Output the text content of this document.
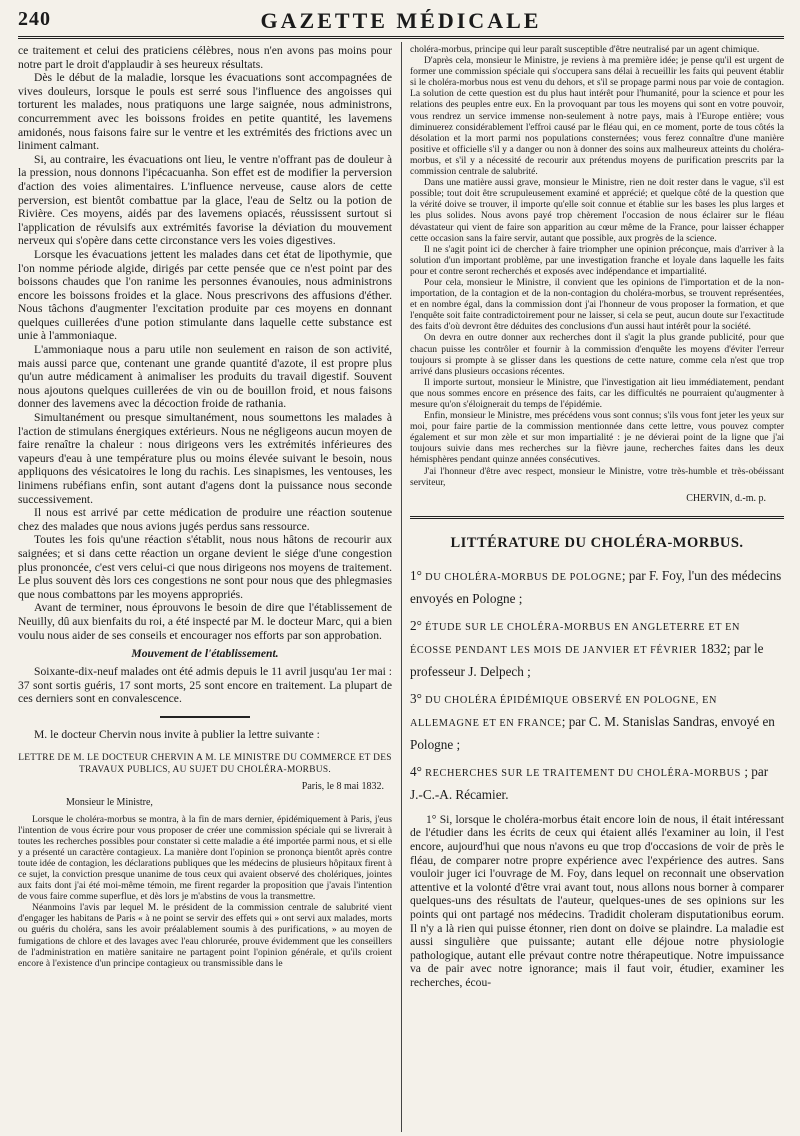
240	GAZETTE MÉDICALE

ce traitement et celui des praticiens célèbres, nous n'en avons pas moins pour notre part le droit d'applaudir à ses heureux résultats.

Dès le début de la maladie, lorsque les évacuations sont accompagnées de vives douleurs, lorsque le pouls est serré sous l'influence des angoisses qui torturent les malades, nous pratiquons une large saignée, nous administrons, concurremment avec les boissons froides en petite quantité, les lavemens amidonés, nous faisons faire sur le ventre et les extrémités des frictions avec un liniment calmant.

Si, au contraire, les évacuations ont lieu, le ventre n'offrant pas de douleur à la pression, nous donnons l'ipécacuanha. Son effet est de modifier la perversion d'action des voies alimentaires. L'influence nerveuse, cause alors de cette perversion, est bientôt combattue par la glace, l'eau de Seltz ou la potion de Rivière. Ces moyens, aidés par des lavemens opiacés, réussissent surtout si l'application de révulsifs aux extrémités favorise la déviation du mouvement nerveux qui s'opère dans cette circonstance vers les voies digestives.

Lorsque les évacuations jettent les malades dans cet état de lipothymie, que l'on nomme période algide, dirigés par cette pensée que ce n'est point par des boissons chaudes que l'on ranime les personnes évanouies, nous administrons encore les boissons froides et la glace. Nous prescrivons des affusions d'éther. Nous tâchons d'augmenter l'excitation produite par ces moyens en donnant quelques cuillerées d'une potion stimulante dans laquelle cette substance est unie à l'ammoniaque.

L'ammoniaque nous a paru utile non seulement en raison de son activité, mais aussi parce que, contenant une grande quantité d'azote, il est propre plus qu'un autre médicament à animaliser les produits du travail digestif. Souvent nous ajoutons quelques cuillerées de vin ou de bouillon froid, et nous faisons donner des lavemens avec la décoction froide de rathania.

Simultanément ou presque simultanément, nous soumettons les malades à l'action de stimulans énergiques extérieurs. Nous ne négligeons aucun moyen de faire renaître la chaleur : nous dirigeons vers les extrémités inférieures des vapeurs d'eau à une température plus ou moins élevée suivant le besoin, nous appliquons des vésicatoires le long du rachis. Les sinapismes, les ventouses, les linimens rubéfians enfin, sont autant d'agens dont la puissance nous seconde successivement.

Il nous est arrivé par cette médication de produire une réaction soutenue chez des malades que nous avions jugés perdus sans ressource.

Toutes les fois qu'une réaction s'établit, nous nous hâtons de recourir aux saignées; et si dans cette réaction un organe devient le siége d'une congestion plus prononcée, c'est vers celui-ci que nous dirigeons nos moyens de traitement. Le plus souvent dès lors ces congestions ne sont pour nous que des phlegmasies que nous combattons par les moyens appropriés.

Avant de terminer, nous éprouvons le besoin de dire que l'établissement de Neuilly, dû aux bienfaits du roi, a été inspecté par M. le docteur Marc, qui a bien voulu nous aider de ses conseils et encourager nos efforts par son approbation.

Mouvement de l'établissement.

Soixante-dix-neuf malades ont été admis depuis le 11 avril jusqu'au 1er mai : 37 sont sortis guéris, 17 sont morts, 25 sont encore en traitement. La plupart de ces derniers sont en convalescence.

M. le docteur Chervin nous invite à publier la lettre suivante :

LETTRE DE M. LE DOCTEUR CHERVIN A M. LE MINISTRE DU COMMERCE ET DES TRAVAUX PUBLICS, AU SUJET DU CHOLÉRA-MORBUS.
Paris, le 8 mai 1832.
Monsieur le Ministre,

Lorsque le choléra-morbus se montra, à la fin de mars dernier, épidémiquement à Paris, j'eus l'intention de vous écrire pour vous proposer de créer une commission spéciale qui se livrerait à toutes les recherches possibles pour constater si cette maladie a été importée parmi nous, et si elle y a présenté un caractère contagieux. La manière dont l'opinion se prononça bientôt après contre toute idée de contagion, les déclarations publiques que les médecins de plusieurs hôpitaux firent à ce sujet, la conviction presque unanime de tous ceux qui avaient observé des cholériques, jointes aux faits dont j'ai été moi-même témoin, me firent regarder la proposition que j'avais l'intention de vous faire comme superflue, et dès lors je m'abstins de vous la transmettre.

Néanmoins l'avis par lequel M. le président de la commission centrale de salubrité vient d'engager les habitans de Paris « à ne point se servir des effets qui » ont servi aux malades, morts ou guéris du choléra, sans les avoir préalablement soumis à des purifications, » au moyen de fumigations de chlore et des lavages avec l'eau chlorurée, prouve évidemment que les conseillers de l'administration en matière sanitaire ne partagent point l'opinion générale, et qu'ils croient encore à l'existence d'un principe contagieux ou transmissible dans le

choléra-morbus, principe qui leur paraît susceptible d'être neutralisé par un agent chimique.

D'après cela, monsieur le Ministre, je reviens à ma première idée; je pense qu'il est urgent de former une commission spéciale qui s'occupera sans délai à recueillir les faits qui peuvent établir si le choléra-morbus nous est venu du dehors, et s'il se propage parmi nous par voie de contagion. La solution de cette question est du plus haut intérêt pour l'humanité, pour la science et pour les relations des peuples entre eux. En la provoquant par tous les moyens qui sont en votre pouvoir, vous rendrez un service immense non-seulement à notre pays, mais à l'Europe entière; vous diminuerez considérablement l'effroi causé par le fléau qui, en ce moment, porte de tous côtés la désolation et la mort parmi nos populations consternées; vous ferez connaître d'une manière positive et officielle s'il y a danger ou non à donner des soins aux malheureux atteints du choléra-morbus, et s'il y a nécessité de recourir aux prétendus moyens de purification prescrits par la commission centrale de salubrité.

Dans une matière aussi grave, monsieur le Ministre, rien ne doit rester dans le vague, s'il est possible; tout doit être scrupuleusement examiné et apprécié; et quelque côté de la question que la vérité doive se trouver, il importe qu'elle soit connue et établie sur les bases les plus larges et les plus solides. Nous avons payé trop chèrement l'occasion de nous éclairer sur le fléau dévastateur qui vient de faire son apparition au cœur même de la France, pour laisser échapper cette occasion sans la faire servir, autant que possible, aux progrès de la science.

Il ne s'agit point ici de chercher à faire triompher une opinion préconçue, mais d'arriver à la solution d'un important problème, par une investigation franche et loyale dans laquelle les faits pour et contre seront recherchés et exposés avec indépendance et impartialité.

Pour cela, monsieur le Ministre, il convient que les opinions de l'importation et de la non-importation, de la contagion et de la non-contagion du choléra-morbus, se trouvent représentées, et en nombre égal, dans la commission dont j'ai l'honneur de vous proposer la formation, et que l'enquête soit faite contradictoirement pour ne laisser, si cela se peut, aucun doute sur l'exactitude des faits d'où devront être déduites des conclusions d'un aussi haut intérêt pour la société.

On devra en outre donner aux recherches dont il s'agit la plus grande publicité, pour que chacun puisse les contrôler et fournir à la commission d'enquête les moyens d'éviter l'erreur toujours si prompte à se glisser dans les questions de cette nature, comme cela n'est que trop arrivé dans plusieurs occasions récentes.

Il importe surtout, monsieur le Ministre, que l'investigation ait lieu immédiatement, pendant que nous sommes encore en présence des faits, car les difficultés ne pourraient qu'augmenter à mesure qu'on s'éloignerait du temps de l'épidémie.

Enfin, monsieur le Ministre, mes précédens vous sont connus; s'ils vous font jeter les yeux sur moi, pour faire partie de la commission mentionnée dans cette lettre, vous pouvez compter également et sur mon zèle et sur mon impartialité : je ne dévierai point de la ligne que j'ai toujours suivie dans mes recherches sur la fièvre jaune, recherches faites dans les deux hémisphères pendant quinze années consécutives.

J'ai l'honneur d'être avec respect, monsieur le Ministre, votre très-humble et très-obéissant serviteur,

CHERVIN, d.-m. p.
LITTÉRATURE DU CHOLÉRA-MORBUS.

1° DU CHOLÉRA-MORBUS DE POLOGNE; par F. Foy, l'un des médecins envoyés en Pologne ;

2° ÉTUDE SUR LE CHOLÉRA-MORBUS EN ANGLETERRE ET EN ÉCOSSE PENDANT LES MOIS DE JANVIER ET FÉVRIER 1832; par le professeur J. Delpech ;

3° DU CHOLÉRA ÉPIDÉMIQUE OBSERVÉ EN POLOGNE, EN ALLEMAGNE ET EN FRANCE; par C. M. Stanislas Sandras, envoyé en Pologne ;

4° RECHERCHES SUR LE TRAITEMENT DU CHOLÉRA-MORBUS ; par J.-C.-A. Récamier.

1° Si, lorsque le choléra-morbus était encore loin de nous, il était intéressant de l'étudier dans les écrits de ceux qui étaient allés l'examiner au loin, il l'est encore, aujourd'hui que nous n'avons eu que trop d'occasions de voir de près le fléau, de comparer notre propre expérience avec l'expérience des autres. Sans vouloir juger ici l'ouvrage de M. Foy, dans lequel on reconnait une observation attentive et la volonté d'être vrai avant tout, nous allons nous borner à comparer quelques-uns des résultats de l'auteur, quelques-unes de ses opinions sur les points qui ont partagé nos médecins. Tradidit choleram disputationibus eorum. Il n'y a là rien qui puisse étonner, rien dont on doive se plaindre. La maladie est aussi singulière que puissante; autant elle déjoue notre physiologie pathologique, autant elle prévaut contre notre thérapeutique. Notre impuissance va de pair avec notre ignorance; mais il faut voir, étudier, examiner les recherches, écou-
